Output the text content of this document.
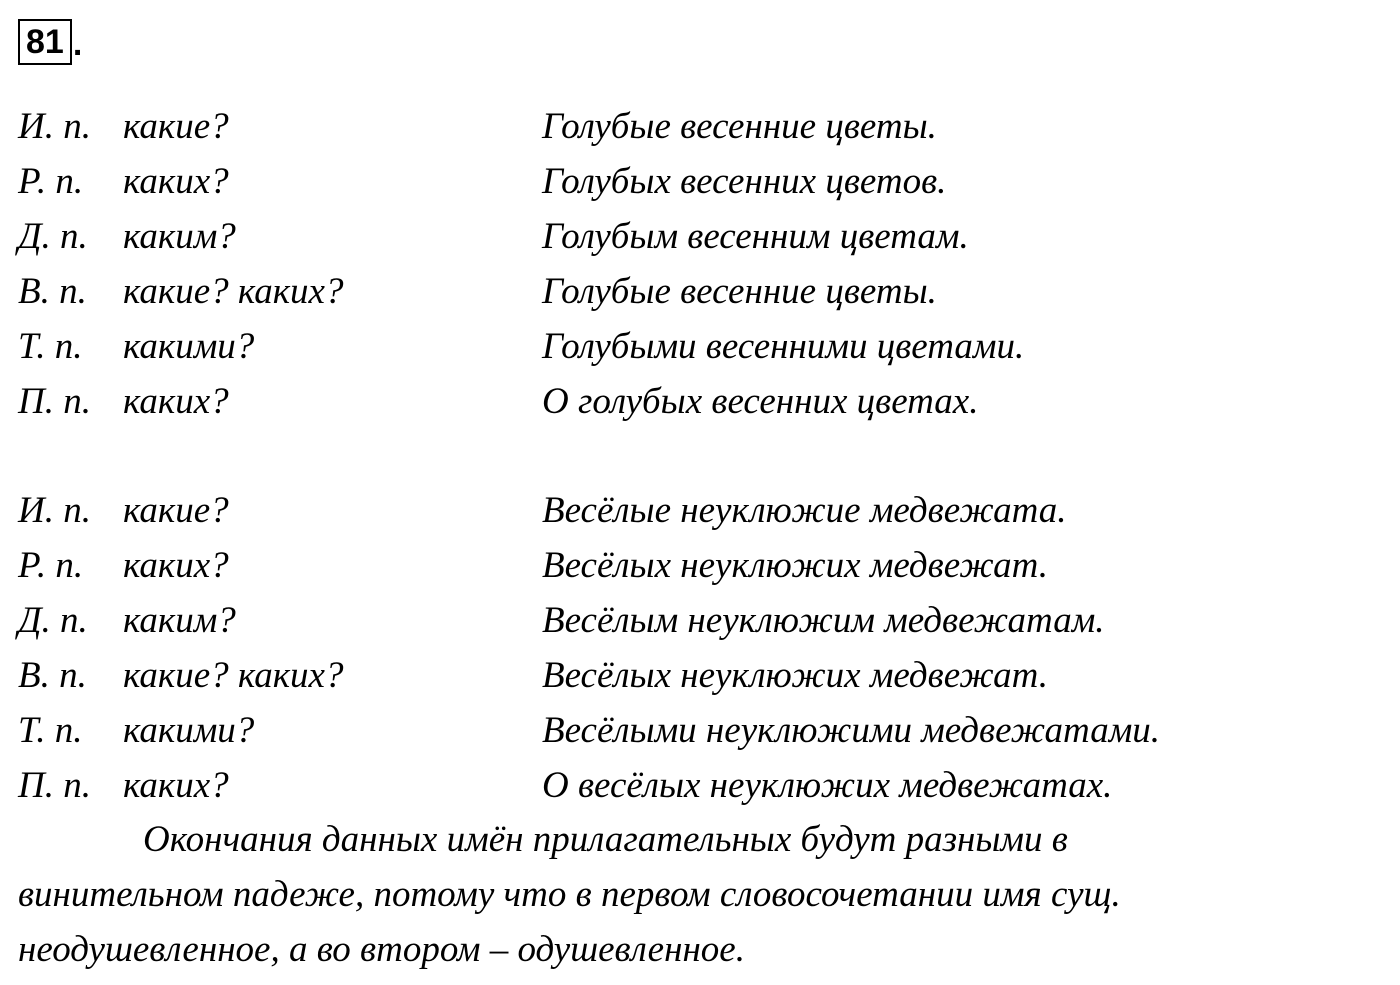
81 .
И. п. какие?	Голубые весенние цветы.
Р. п. каких?	Голубых весенних цветов.
Д. п. каким?	Голубым весенним цветам.
В. п. какие? каких?	Голубые весенние цветы.
Т. п. какими?	Голубыми весенними цветами.
П. п. каких?	О голубых весенних цветах.
И. п. какие?	Весёлые неуклюжие медвежата.
Р. п. каких?	Весёлых неуклюжих медвежат.
Д. п. каким?	Весёлым неуклюжим медвежатам.
В. п. какие? каких?	Весёлых неуклюжих медвежат.
Т. п. какими?	Весёлыми неуклюжими медвежатами.
П. п. каких?	О весёлых неуклюжих медвежатах.
Окончания данных имён прилагательных будут разными в
винительном падеже, потому что в первом словосочетании имя сущ.
неодушевленное, а во втором – одушевленное.
